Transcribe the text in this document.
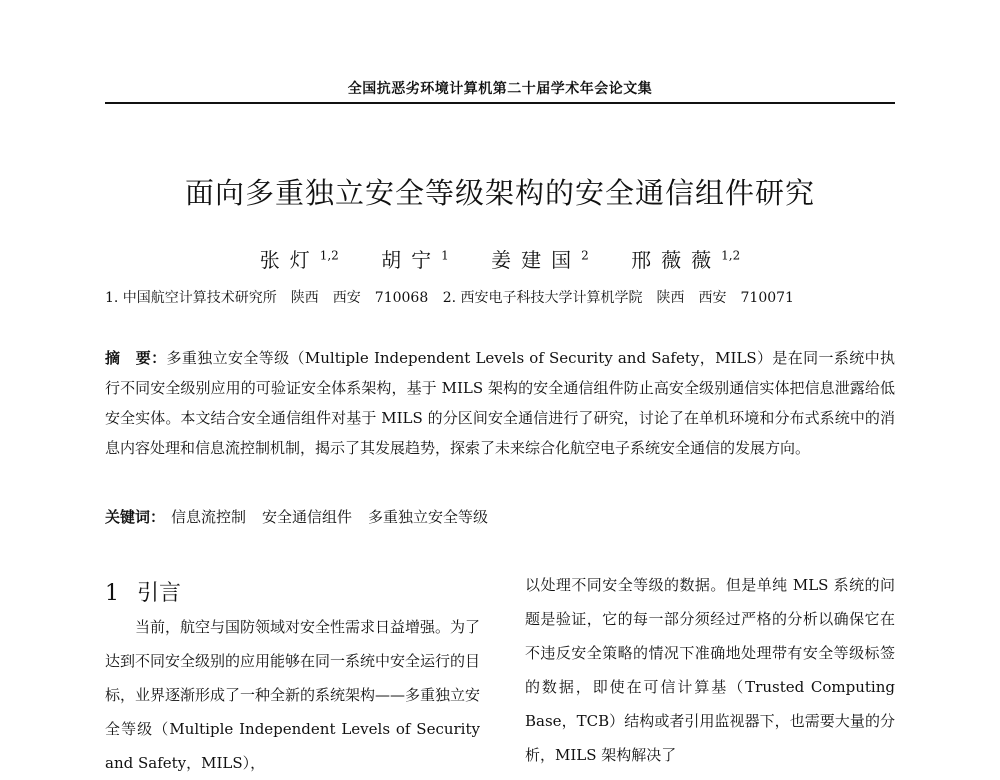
全国抗恶劣环境计算机第二十届学术年会论文集
面向多重独立安全等级架构的安全通信组件研究
张灯$^{1,2}$ 胡宁$^1$ 姜建国$^2$ 邢薇薇$^{1,2}$
1. 中国航空计算技术研究所　陕西　西安　710068 2. 西安电子科技大学计算机学院　陕西　西安　710071

摘　要：多重独立安全等级（Multiple Independent Levels of Security and Safety，MILS）是在同一系统中执行不同安全级别应用的可验证安全体系架构，基于 MILS 架构的安全通信组件防止高安全级别通信实体把信息泄露给低安全实体。本文结合安全通信组件对基于 MILS 的分区间安全通信进行了研究，讨论了在单机环境和分布式系统中的消息内容处理和信息流控制机制，揭示了其发展趋势，探索了未来综合化航空电子系统安全通信的发展方向。

关键词： 信息流控制 安全通信组件 多重独立安全等级
1 引言

当前，航空与国防领域对安全性需求日益增强。为了达到不同安全级别的应用能够在同一系统中安全运行的目标，业界逐渐形成了一种全新的系统架构——多重独立安全等级（Multiple Independent Levels of Security and Safety，MILS），

以处理不同安全等级的数据。但是单纯 MLS 系统的问题是验证，它的每一部分须经过严格的分析以确保它在不违反安全策略的情况下准确地处理带有安全等级标签的数据，即使在可信计算基（Trusted Computing Base，TCB）结构或者引用监视器下，也需要大量的分析，MILS 架构解决了
